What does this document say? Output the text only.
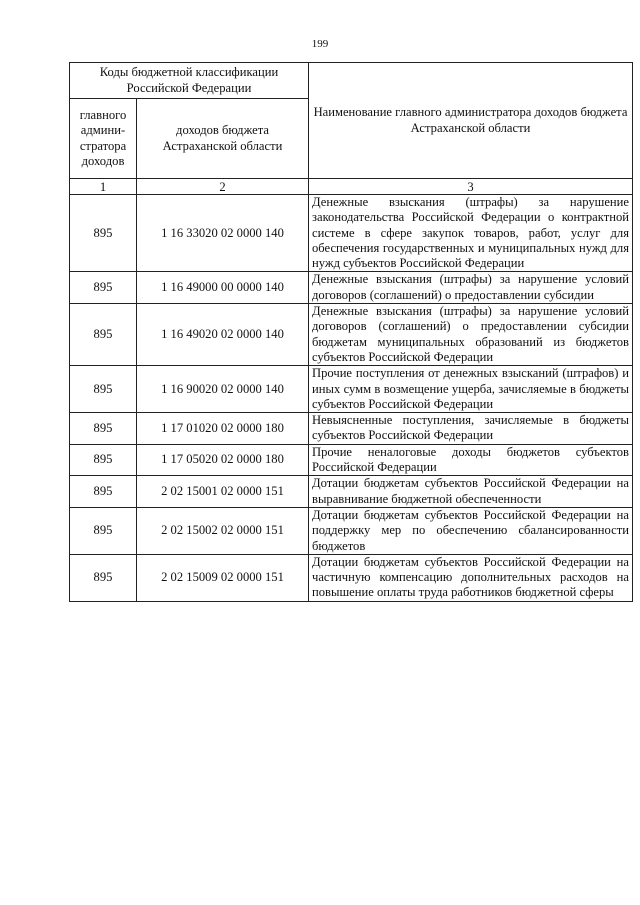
199
Коды бюджетной классификации Российской Федерации		Наименование главного администратора доходов бюджета Астраханской области
главного админи-стратора доходов	доходов бюджета Астраханской области	
1	2	3
895	1 16 33020 02 0000 140	Денежные взыскания (штрафы) за нарушение законодательства Российской Федерации о контрактной системе в сфере закупок товаров, работ, услуг для обеспечения государственных и муниципальных нужд для нужд субъектов Российской Федерации
895	1 16 49000 00 0000 140	Денежные взыскания (штрафы) за нарушение условий договоров (соглашений) о предоставлении субсидии
895	1 16 49020 02 0000 140	Денежные взыскания (штрафы) за нарушение условий договоров (соглашений) о предоставлении субсидии бюджетам муниципальных образований из бюджетов субъектов Российской Федерации
895	1 16 90020 02 0000 140	Прочие поступления от денежных взысканий (штрафов) и иных сумм в возмещение ущерба, зачисляемые в бюджеты субъектов Российской Федерации
895	1 17 01020 02 0000 180	Невыясненные поступления, зачисляемые в бюджеты субъектов Российской Федерации
895	1 17 05020 02 0000 180	Прочие неналоговые доходы бюджетов субъектов Российской Федерации
895	2 02 15001 02 0000 151	Дотации бюджетам субъектов Российской Федерации на выравнивание бюджетной обеспеченности
895	2 02 15002 02 0000 151	Дотации бюджетам субъектов Российской Федерации на поддержку мер по обеспечению сбалансированности бюджетов
895	2 02 15009 02 0000 151	Дотации бюджетам субъектов Российской Федерации на частичную компенсацию дополнительных расходов на повышение оплаты труда работников бюджетной сферы
